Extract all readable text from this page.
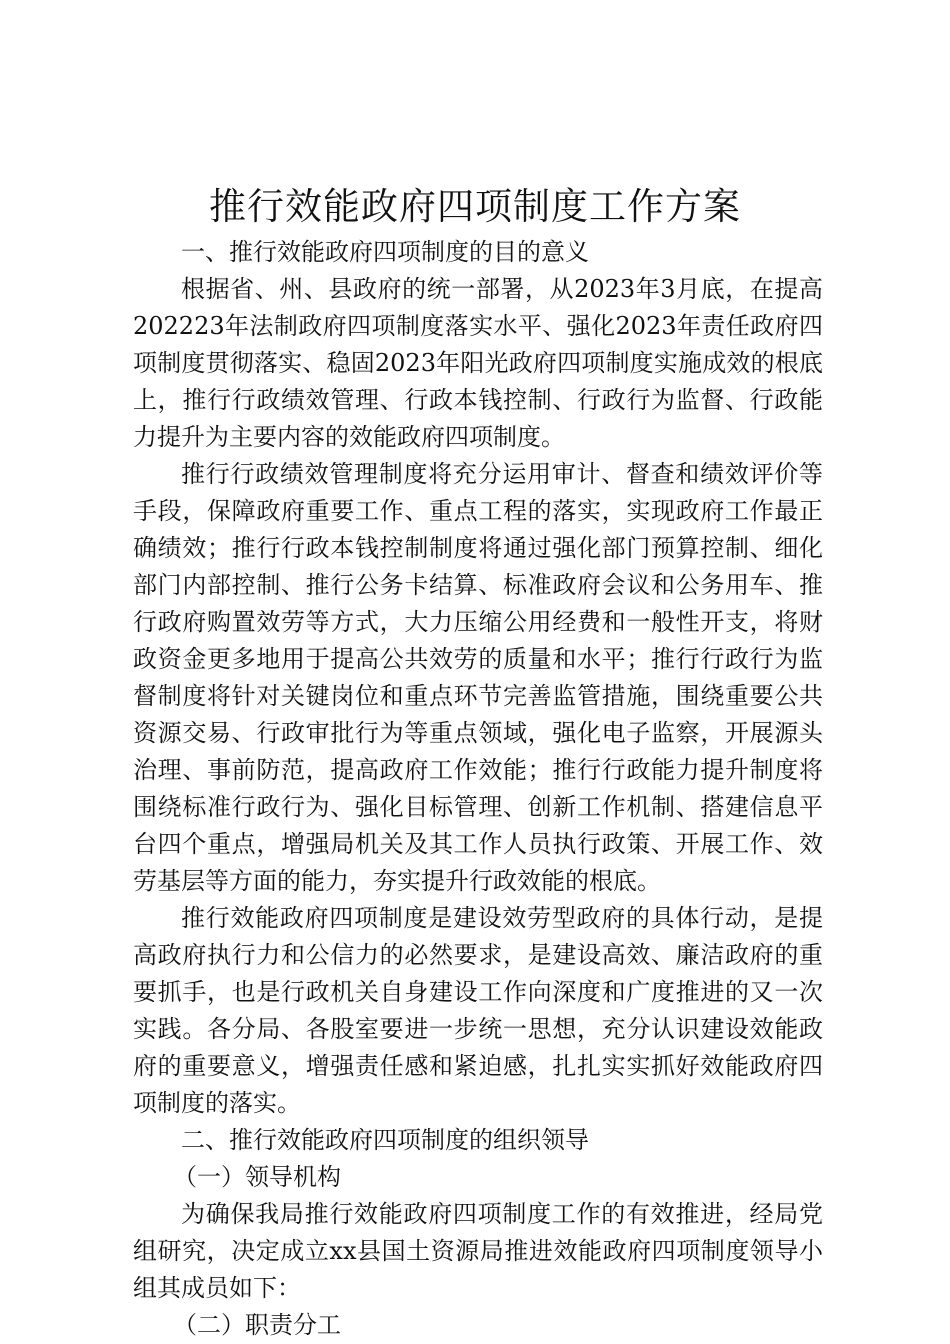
推行效能政府四项制度工作方案

一、推行效能政府四项制度的目的意义

根据省、州、县政府的统一部署，从2023年3月底，在提高202223年法制政府四项制度落实水平、强化2023年责任政府四项制度贯彻落实、稳固2023年阳光政府四项制度实施成效的根底上，推行行政绩效管理、行政本钱控制、行政行为监督、行政能力提升为主要内容的效能政府四项制度。

推行行政绩效管理制度将充分运用审计、督查和绩效评价等手段，保障政府重要工作、重点工程的落实，实现政府工作最正确绩效；推行行政本钱控制制度将通过强化部门预算控制、细化部门内部控制、推行公务卡结算、标准政府会议和公务用车、推行政府购置效劳等方式，大力压缩公用经费和一般性开支，将财政资金更多地用于提高公共效劳的质量和水平；推行行政行为监督制度将针对关键岗位和重点环节完善监管措施，围绕重要公共资源交易、行政审批行为等重点领域，强化电子监察，开展源头治理、事前防范，提高政府工作效能；推行行政能力提升制度将围绕标准行政行为、强化目标管理、创新工作机制、搭建信息平台四个重点，增强局机关及其工作人员执行政策、开展工作、效劳基层等方面的能力，夯实提升行政效能的根底。

推行效能政府四项制度是建设效劳型政府的具体行动，是提高政府执行力和公信力的必然要求，是建设高效、廉洁政府的重要抓手，也是行政机关自身建设工作向深度和广度推进的又一次实践。各分局、各股室要进一步统一思想，充分认识建设效能政府的重要意义，增强责任感和紧迫感，扎扎实实抓好效能政府四项制度的落实。

二、推行效能政府四项制度的组织领导

（一）领导机构

为确保我局推行效能政府四项制度工作的有效推进，经局党组研究，决定成立xx县国土资源局推进效能政府四项制度领导小组其成员如下：

（二）职责分工
